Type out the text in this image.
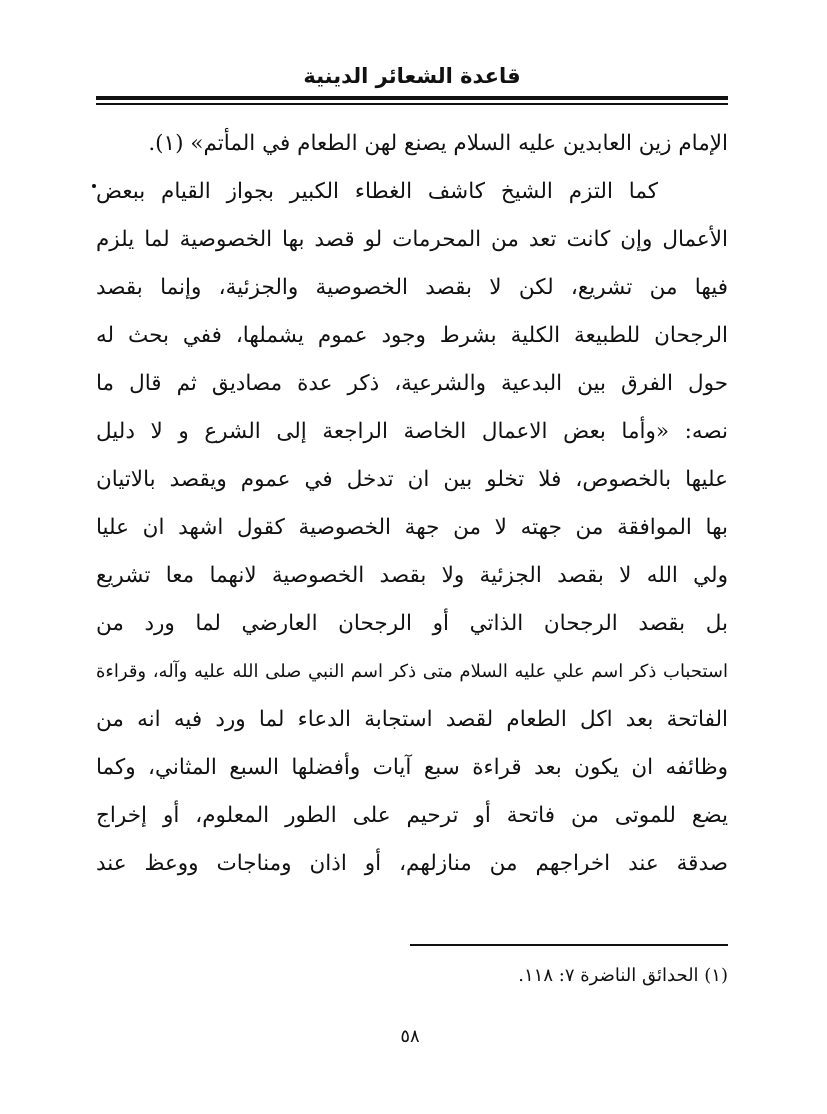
قاعدة الشعائر الدينية
الإمام زين العابدين عليه السلام يصنع لهن الطعام في المأتم» (١).
كما التزم الشيخ كاشف الغطاء الكبير بجواز القيام ببعض
الأعمال وإن كانت تعد من المحرمات لو قصد بها الخصوصية لما يلزم
فيها من تشريع، لكن لا بقصد الخصوصية والجزئية، وإنما بقصد
الرجحان للطبيعة الكلية بشرط وجود عموم يشملها، ففي بحث له
حول الفرق بين البدعية والشرعية، ذكر عدة مصاديق ثم قال ما
نصه: «وأما بعض الاعمال الخاصة الراجعة إلى الشرع و لا دليل
عليها بالخصوص، فلا تخلو بين ان تدخل في عموم ويقصد بالاتيان
بها الموافقة من جهته لا من جهة الخصوصية كقول اشهد ان عليا
ولي الله لا بقصد الجزئية ولا بقصد الخصوصية لانهما معا تشريع
بل بقصد الرجحان الذاتي أو الرجحان العارضي لما ورد من
استحباب ذكر اسم علي عليه السلام متى ذكر اسم النبي صلى الله عليه وآله، وقراءة
الفاتحة بعد اكل الطعام لقصد استجابة الدعاء لما ورد فيه انه من
وظائفه ان يكون بعد قراءة سبع آيات وأفضلها السبع المثاني، وكما
يضع للموتى من فاتحة أو ترحيم على الطور المعلوم، أو إخراج
صدقة عند اخراجهم من منازلهم، أو اذان ومناجات ووعظ عند
(١) الحدائق الناضرة ٧: ١١٨.
٥٨
